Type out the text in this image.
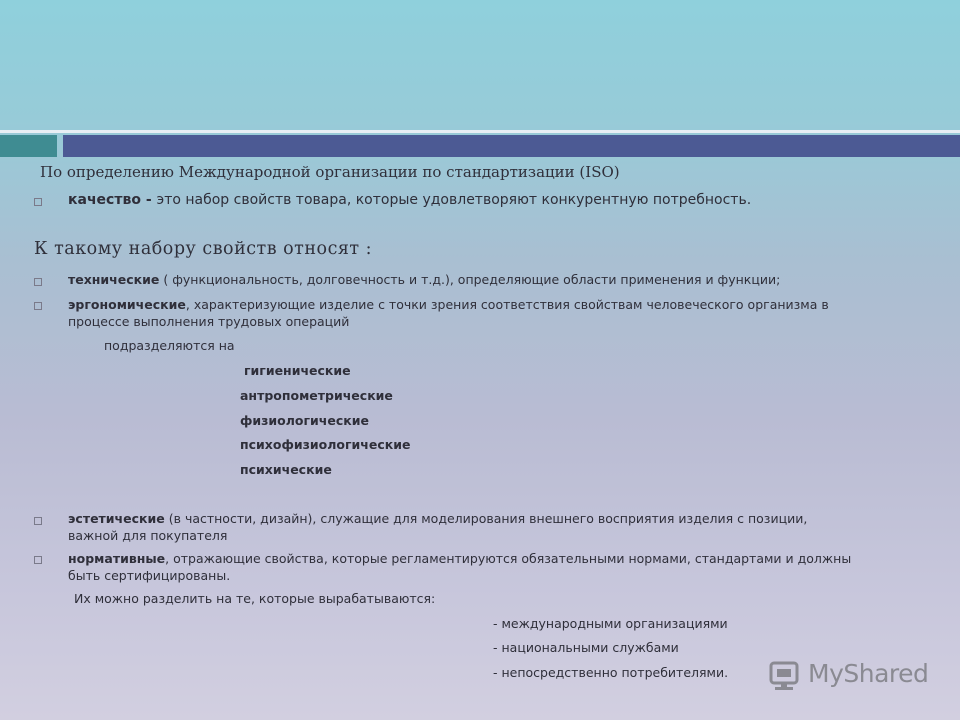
По определению Международной организации по стандартизации (ISO)
качество - это набор свойств товара, которые удовлетворяют конкурентную потребность.
К такому набору свойств относят :
технические ( функциональность, долговечность и т.д.), определяющие области применения и функции;
эргономические, характеризующие изделие с точки зрения соответствия свойствам человеческого организма в
процессе выполнения трудовых операций
подразделяются на
гигиенические
антропометрические
физиологические
психофизиологические
психические
эстетические (в частности, дизайн), служащие для моделирования внешнего восприятия изделия с позиции,
важной для покупателя
нормативные, отражающие свойства, которые регламентируются обязательными нормами, стандартами и должны
быть сертифицированы.
Их можно разделить на те, которые вырабатываются:
- международными организациями
- национальными службами
- непосредственно потребителями.	MyShared
